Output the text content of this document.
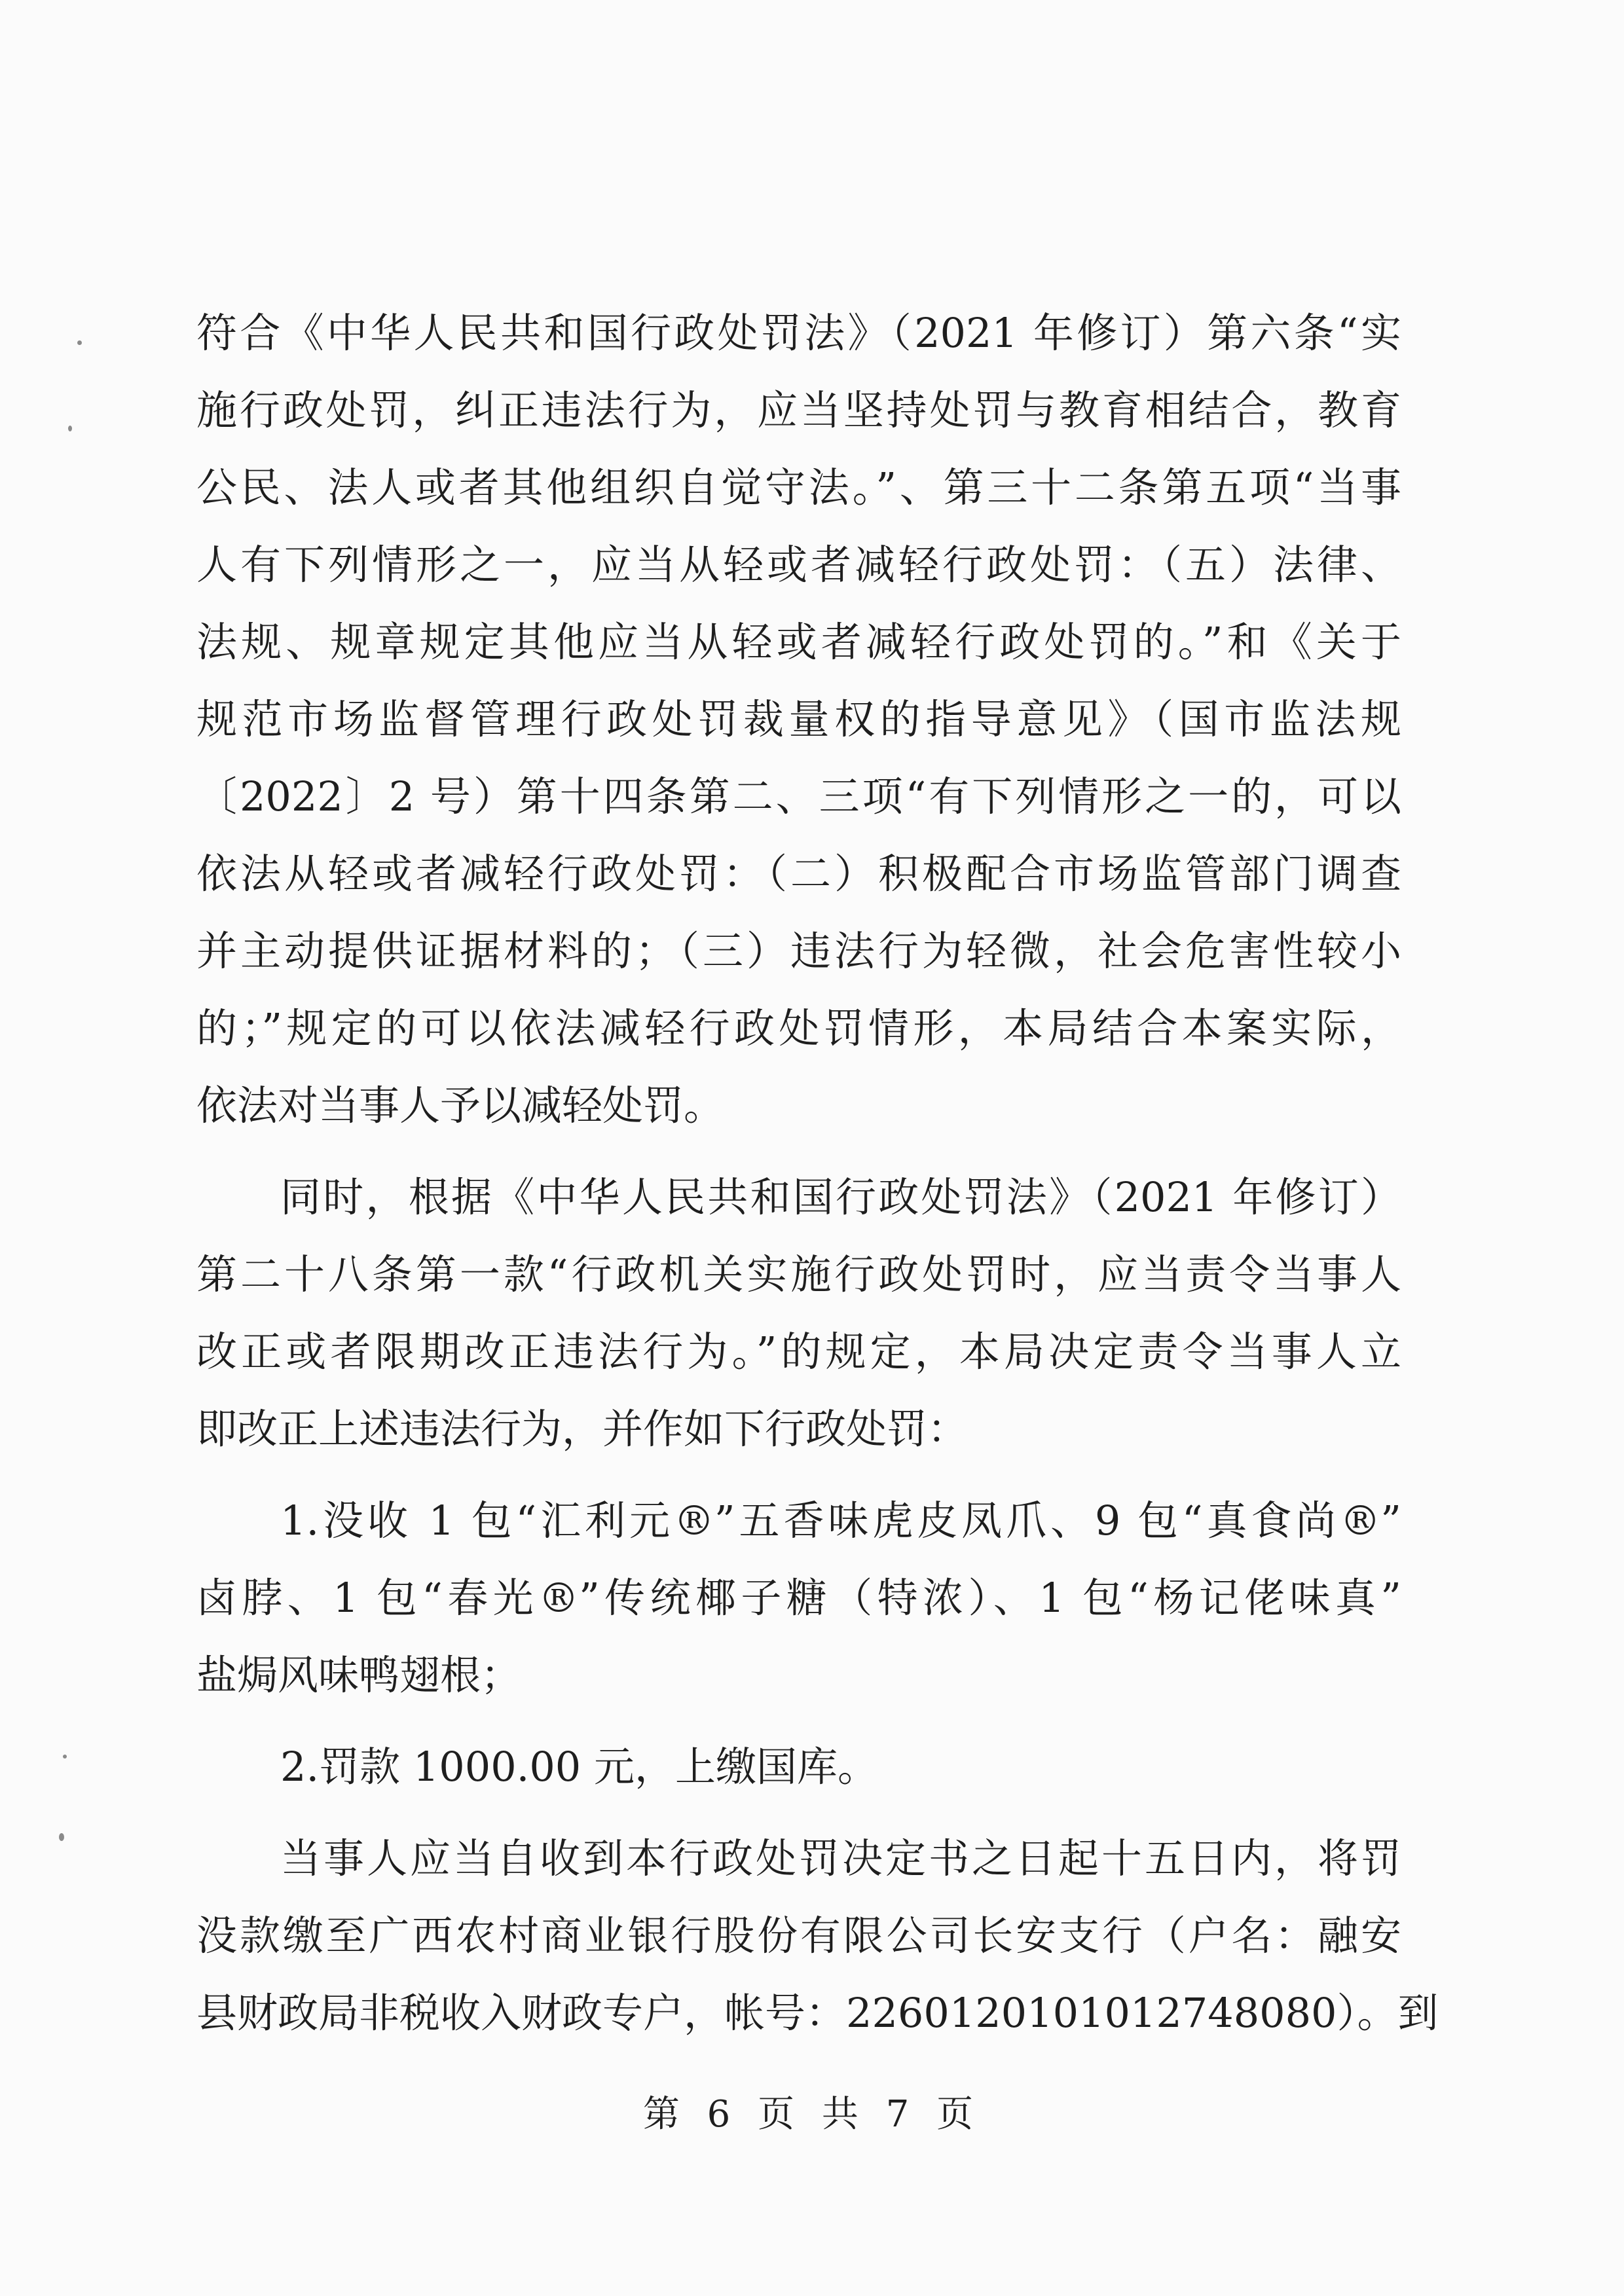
符合《中华人民共和国行政处罚法》（2021 年修订）第六条“实
施行政处罚，纠正违法行为，应当坚持处罚与教育相结合，教育
公民、法人或者其他组织自觉守法。”、第三十二条第五项“当事
人有下列情形之一，应当从轻或者减轻行政处罚：（五）法律、
法规、规章规定其他应当从轻或者减轻行政处罚的。”和《关于
规范市场监督管理行政处罚裁量权的指导意见》（国市监法规
〔2022〕2 号）第十四条第二、三项“有下列情形之一的，可以
依法从轻或者减轻行政处罚：（二）积极配合市场监管部门调查
并主动提供证据材料的；（三）违法行为轻微，社会危害性较小
的；”规定的可以依法减轻行政处罚情形，本局结合本案实际，
依法对当事人予以减轻处罚。
同时，根据《中华人民共和国行政处罚法》（2021 年修订）
第二十八条第一款“行政机关实施行政处罚时，应当责令当事人
改正或者限期改正违法行为。”的规定，本局决定责令当事人立
即改正上述违法行为，并作如下行政处罚：
1.没收 1 包“汇利元®”五香味虎皮凤爪、9 包“真食尚®”
卤脖、1 包“春光®”传统椰子糖（特浓）、1 包“杨记佬味真”
盐焗风味鸭翅根；
2.罚款 1000.00 元，上缴国库。
当事人应当自收到本行政处罚决定书之日起十五日内，将罚
没款缴至广西农村商业银行股份有限公司长安支行（户名：融安
县财政局非税收入财政专户，帐号：2260120101012748080）。到
第 6 页 共 7 页
